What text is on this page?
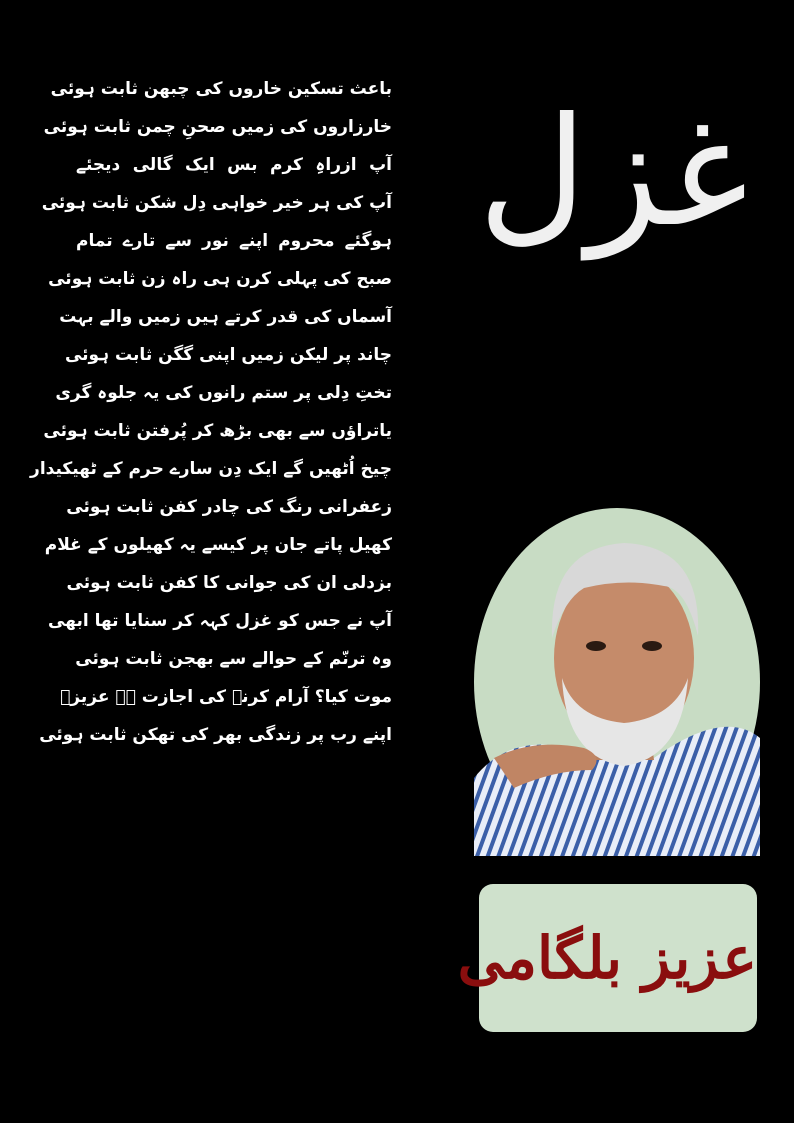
باعث تسکین خاروں کی چبھن ثابت ہوئی
خارزاروں کی زمیں صحنِ چمن ثابت ہوئی
آپ ازراہِ کرم بس ایک گالی دیجئے
آپ کی ہر خیر خواہی دِل شکن ثابت ہوئی
ہوگئے محروم اپنے نور سے تارے تمام
صبح کی پہلی کرن ہی راہ زن ثابت ہوئی
آسماں کی قدر کرتے ہیں زمیں والے بہت
چاند پر لیکن زمیں اپنی گگن ثابت ہوئی
تختِ دِلی پر ستم رانوں کی یہ جلوہ گری
یاتراؤں سے بھی بڑھ کر پُرفتن ثابت ہوئی
چیخ اُٹھیں گے ایک دِن سارے حرم کے ٹھیکیدار
زعفرانی رنگ کی چادر کفن ثابت ہوئی
کھیل پاتے جان پر کیسے یہ کھیلوں کے غلام
بزدلی ان کی جوانی کا کفن ثابت ہوئی
آپ نے جس کو غزل کہہ کر سنایا تھا ابھی
وہ ترنّم کے حوالے سے بھجن ثابت ہوئی
موت کیا؟ آرام کرنے کی اجازت ہے عزیزؔ
اپنے رب پر زندگی بھر کی تھکن ثابت ہوئی
غزل
عزیز بلگامی
